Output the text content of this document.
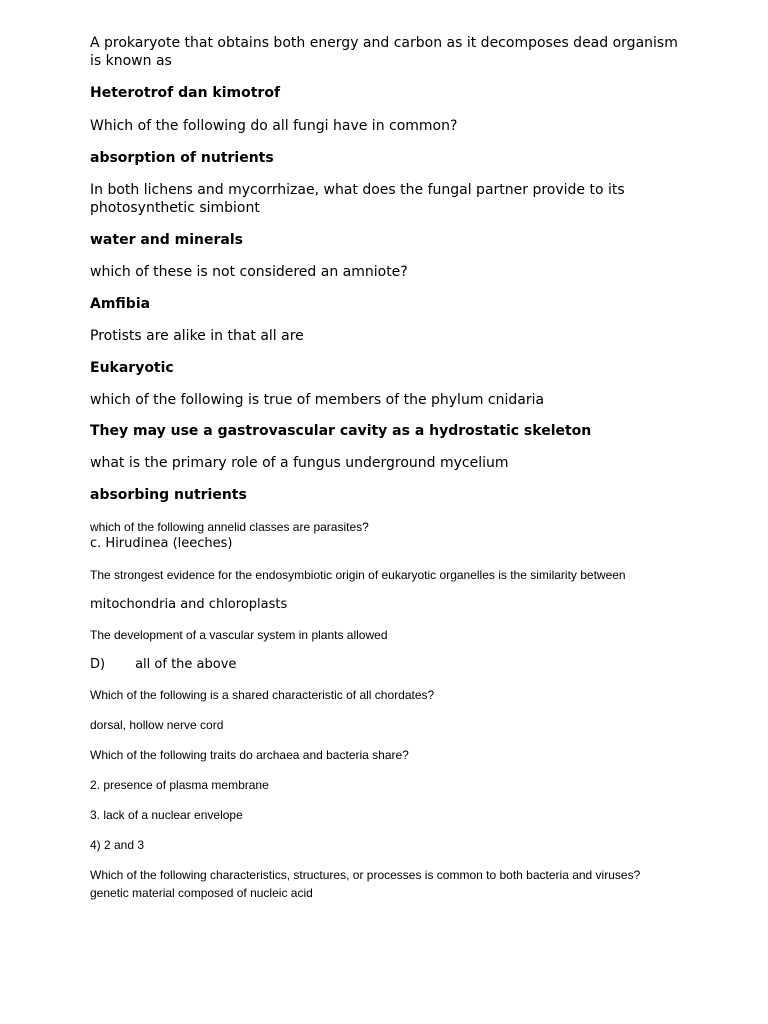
A prokaryote that obtains both energy and carbon as it decomposes dead organism
is known as
Heterotrof dan kimotrof
Which of the following do all fungi have in common?
absorption of nutrients
In both lichens and mycorrhizae, what does the fungal partner provide to its
photosynthetic simbiont
water and minerals
which of these is not considered an amniote?
Amfibia
Protists are alike in that all are
Eukaryotic
which of the following is true of members of the phylum cnidaria
They may use a gastrovascular cavity as a hydrostatic skeleton
what is the primary role of a fungus underground mycelium
absorbing nutrients
which of the following annelid classes are parasites?
c. Hirudinea (leeches)
The strongest evidence for the endosymbiotic origin of eukaryotic organelles is the similarity between
mitochondria and chloroplasts
The development of a vascular system in plants allowed
D) all of the above
Which of the following is a shared characteristic of all chordates?
dorsal, hollow nerve cord
Which of the following traits do archaea and bacteria share?
2. presence of plasma membrane
3. lack of a nuclear envelope
4) 2 and 3
Which of the following characteristics, structures, or processes is common to both bacteria and viruses?
genetic material composed of nucleic acid
